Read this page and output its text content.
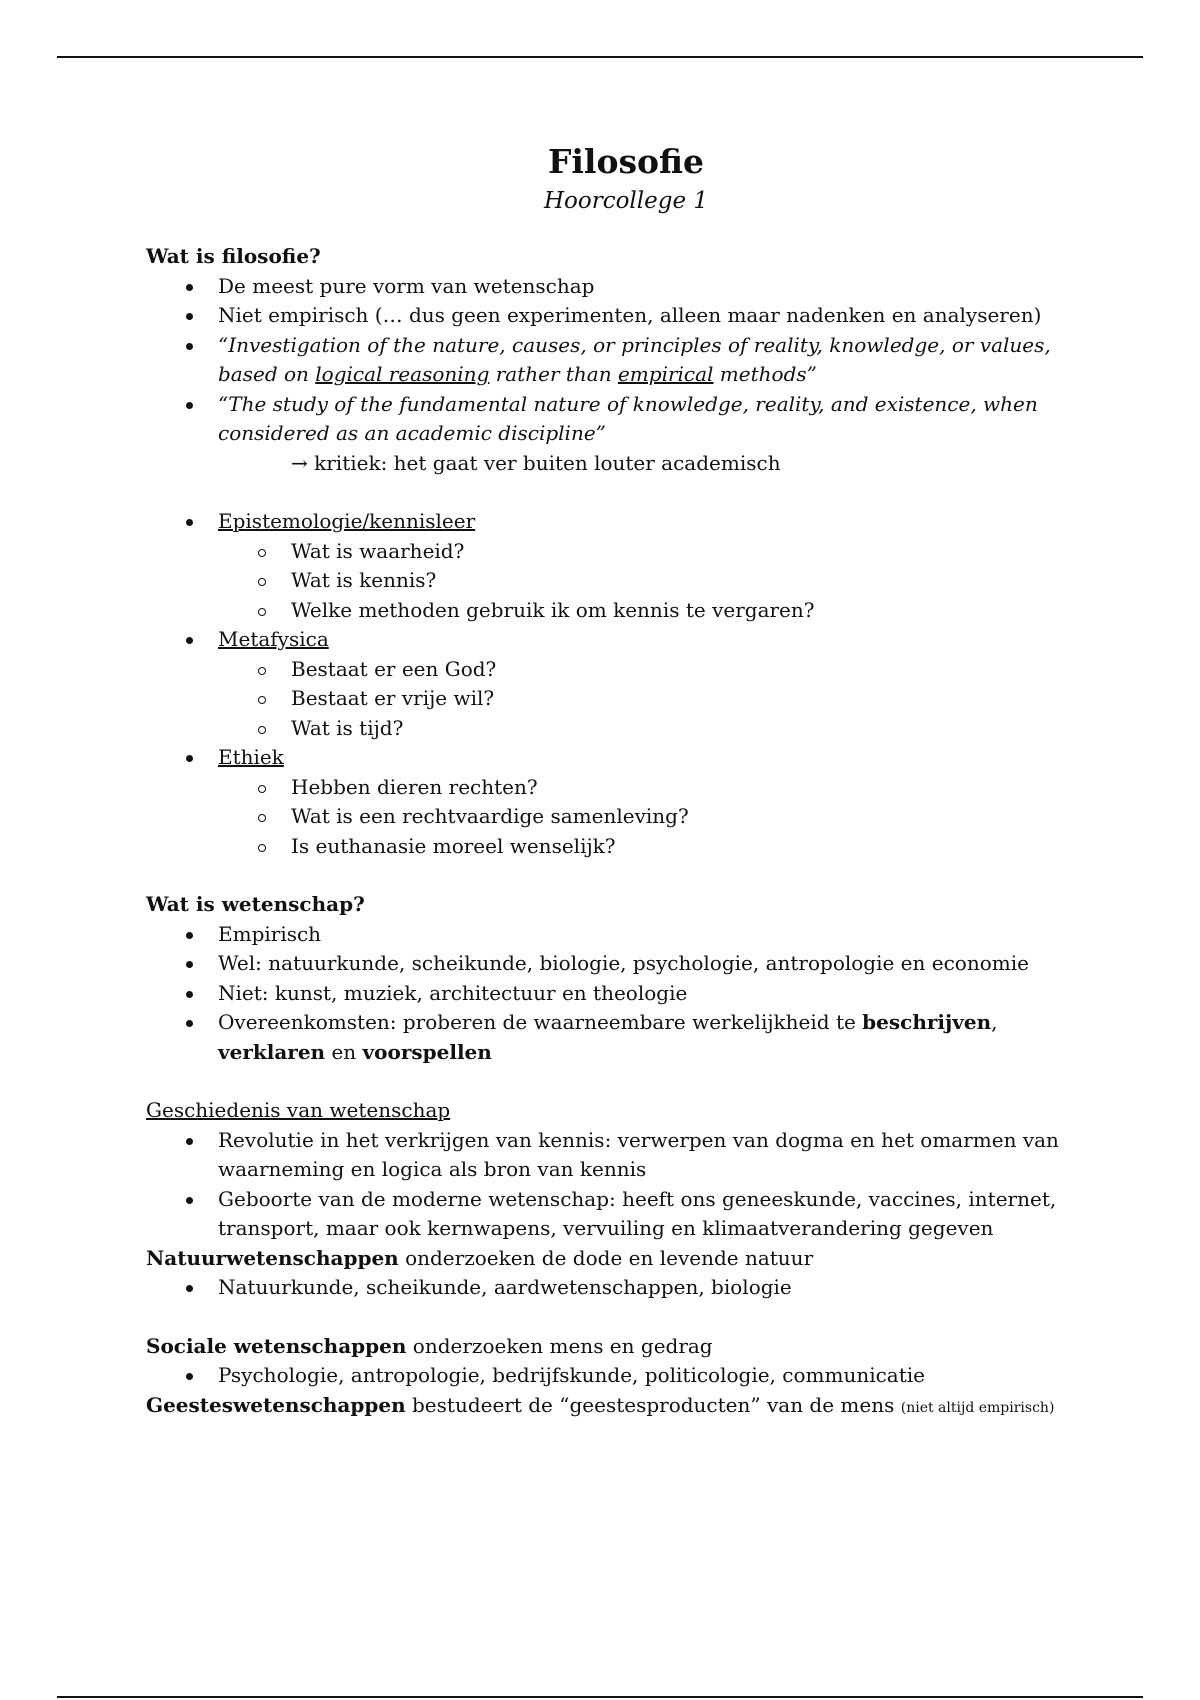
Filosofie
Hoorcollege 1

Wat is filosofie?

De meest pure vorm van wetenschap
Niet empirisch (… dus geen experimenten, alleen maar nadenken en analyseren)
“Investigation of the nature, causes, or principles of reality, knowledge, or values, based on logical reasoning rather than empirical methods”
“The study of the fundamental nature of knowledge, reality, and existence, when considered as an academic discipline”
→ kritiek: het gaat ver buiten louter academisch
Epistemologie/kennisleer
Wat is waarheid?
Wat is kennis?
Welke methoden gebruik ik om kennis te vergaren?
Metafysica
Bestaat er een God?
Bestaat er vrije wil?
Wat is tijd?
Ethiek
Hebben dieren rechten?
Wat is een rechtvaardige samenleving?
Is euthanasie moreel wenselijk?

Wat is wetenschap?

Empirisch
Wel: natuurkunde, scheikunde, biologie, psychologie, antropologie en economie
Niet: kunst, muziek, architectuur en theologie
Overeenkomsten: proberen de waarneembare werkelijkheid te beschrijven, verklaren en voorspellen

Geschiedenis van wetenschap

Revolutie in het verkrijgen van kennis: verwerpen van dogma en het omarmen van waarneming en logica als bron van kennis
Geboorte van de moderne wetenschap: heeft ons geneeskunde, vaccines, internet, transport, maar ook kernwapens, vervuiling en klimaatverandering gegeven
Natuurwetenschappen onderzoeken de dode en levende natuur
Natuurkunde, scheikunde, aardwetenschappen, biologie
Sociale wetenschappen onderzoeken mens en gedrag
Psychologie, antropologie, bedrijfskunde, politicologie, communicatie
Geesteswetenschappen bestudeert de “geestesproducten” van de mens (niet altijd empirisch)
